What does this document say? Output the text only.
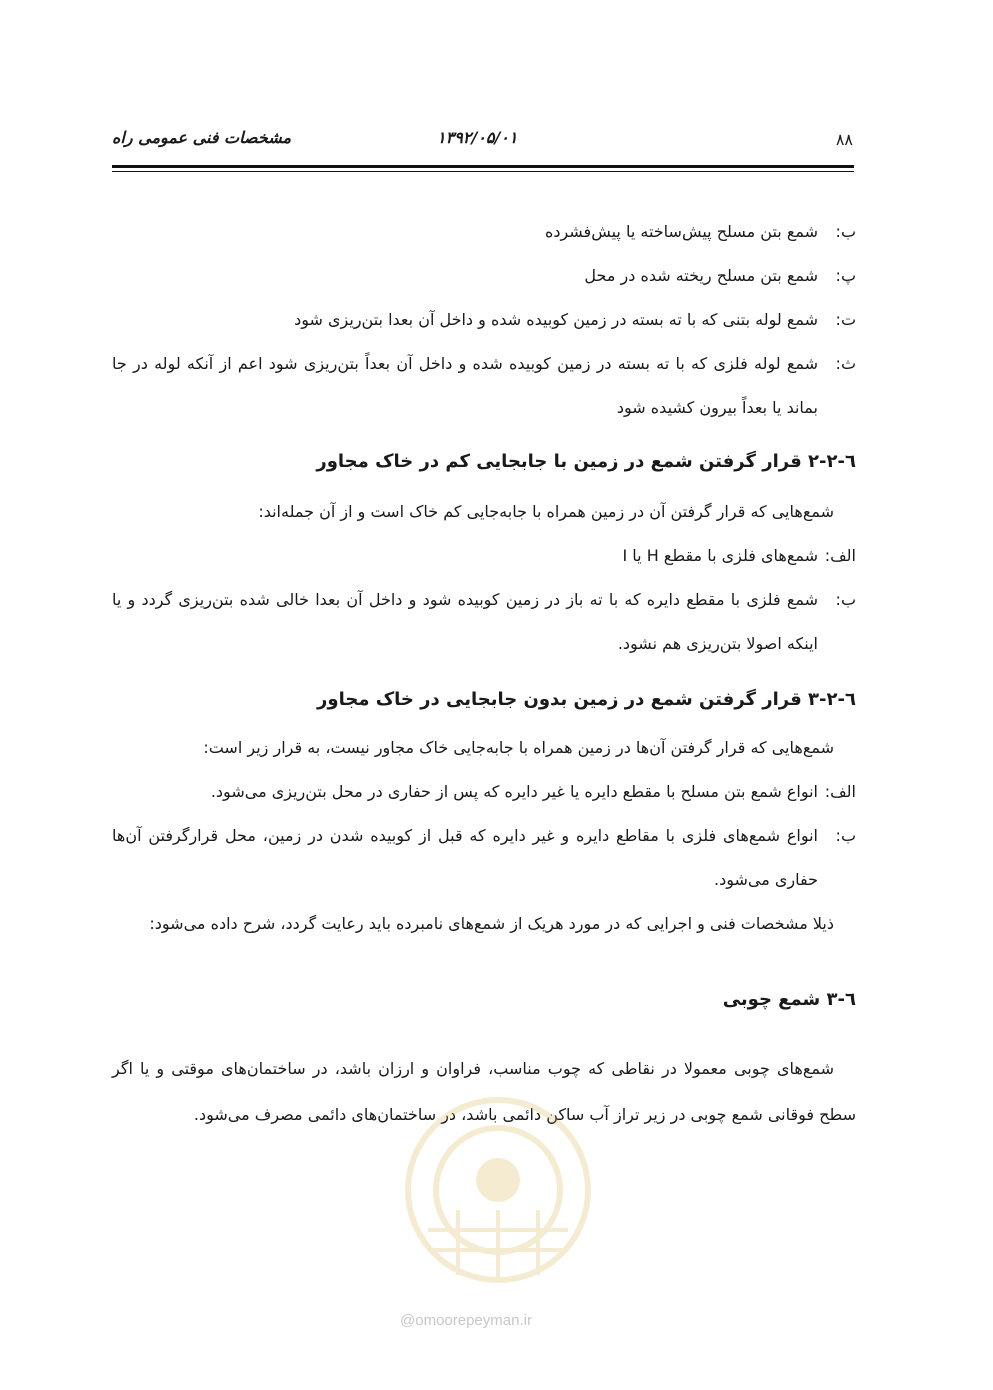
۸۸
۱۳۹۲/۰۵/۰۱
مشخصات فنی عمومی راه
ب:
شمع بتن مسلح پیش‌ساخته یا پیش‌فشرده
پ:
شمع بتن مسلح ریخته شده در محل
ت:
شمع لوله بتنی که با ته بسته در زمین کوبیده شده و داخل آن بعدا بتن‌ریزی شود
ث:
شمع لوله فلزی که با ته بسته در زمین کوبیده شده و داخل آن بعداً بتن‌ریزی شود اعم از آنکه لوله در جا بماند یا بعداً بیرون کشیده شود
٦-٢-٢ قرار گرفتن شمع در زمین با جابجایی کم در خاک مجاور

شمع‌هایی که قرار گرفتن آن در زمین همراه با جابه‌جایی کم خاک است و از آن جمله‌اند:

الف:
شمع‌های فلزی با مقطع H یا I
ب:
شمع فلزی با مقطع دایره که با ته باز در زمین کوبیده شود و داخل آن بعدا خالی شده بتن‌ریزی گردد و یا اینکه اصولا بتن‌ریزی هم نشود.
٦-٢-٣ قرار گرفتن شمع در زمین بدون جابجایی در خاک مجاور

شمع‌هایی که قرار گرفتن آن‌ها در زمین همراه با جابه‌جایی خاک مجاور نیست، به قرار زیر است:

الف:
انواع شمع بتن مسلح با مقطع دایره یا غیر دایره که پس از حفاری در محل بتن‌ریزی می‌شود.
ب:
انواع شمع‌های فلزی با مقاطع دایره و غیر دایره که قبل از کوبیده شدن در زمین، محل قرارگرفتن آن‌ها حفاری می‌شود.

ذیلا مشخصات فنی و اجرایی که در مورد هریک از شمع‌های نامبرده باید رعایت گردد، شرح داده می‌شود:

٦-٣ شمع چوبی

شمع‌های چوبی معمولا در نقاطی که چوب مناسب، فراوان و ارزان باشد، در ساختمان‌های موقتی و یا اگر سطح فوقانی شمع چوبی در زیر تراز آب ساکن دائمی باشد، در ساختمان‌های دائمی مصرف می‌شود.

@omoorepeyman.ir
